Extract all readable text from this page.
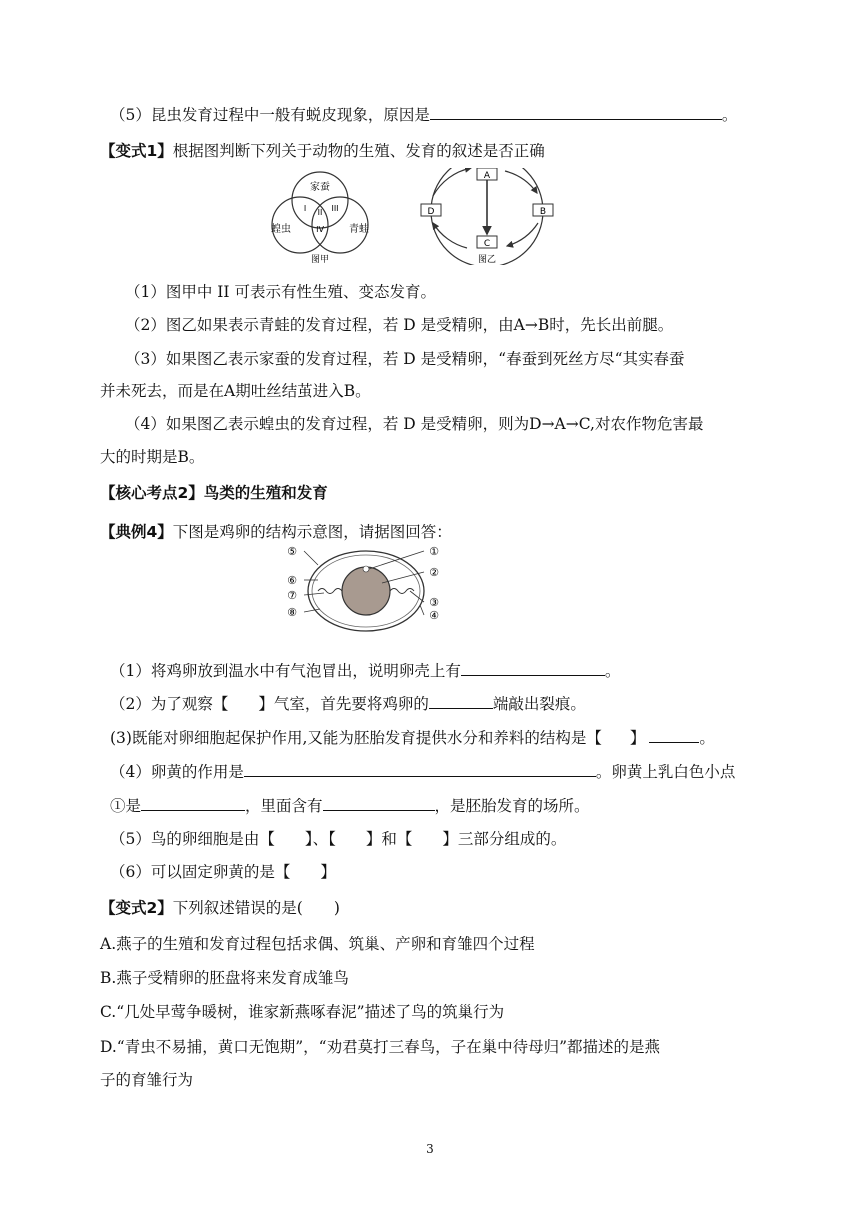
（5）昆虫发育过程中一般有蜕皮现象，原因是	。
【变式1】根据图判断下列关于动物的生殖、发育的叙述是否正确
家蚕
蝗虫	青蛙
I II III
IV
图甲
A
B
C
D
图乙
（1）图甲中 II 可表示有性生殖、变态发育。
（2）图乙如果表示青蛙的发育过程，若 D 是受精卵，由A→B时，先长出前腿。
（3）如果图乙表示家蚕的发育过程，若 D 是受精卵，“春蚕到死丝方尽“其实春蚕
并未死去，而是在A期吐丝结茧进入B。
（4）如果图乙表示蝗虫的发育过程，若 D 是受精卵，则为D→A→C,对农作物危害最
大的时期是B。
【核心考点2】鸟类的生殖和发育
【典例4】下图是鸡卵的结构示意图，请据图回答：
⑤
⑥
⑦
⑧
①
②
③
④
（1）将鸡卵放到温水中有气泡冒出，说明卵壳上有	。
（2）为了观察【 】气室，首先要将鸡卵的	端敲出裂痕。
(3)既能对卵细胞起保护作用,又能为胚胎发育提供水分和养料的结构是【 】	。
（4）卵黄的作用是	。卵黄上乳白色小点
①是	，里面含有	，是胚胎发育的场所。
（5）鸟的卵细胞是由【 】、【 】和【 】三部分组成的。
（6）可以固定卵黄的是【 】
【变式2】下列叙述错误的是(　　)
A.燕子的生殖和发育过程包括求偶、筑巢、产卵和育雏四个过程
B.燕子受精卵的胚盘将来发育成雏鸟
C.“几处早莺争暖树，谁家新燕啄春泥”描述了鸟的筑巢行为
D.“青虫不易捕，黄口无饱期”，“劝君莫打三春鸟，子在巢中待母归”都描述的是燕
子的育雏行为
3
